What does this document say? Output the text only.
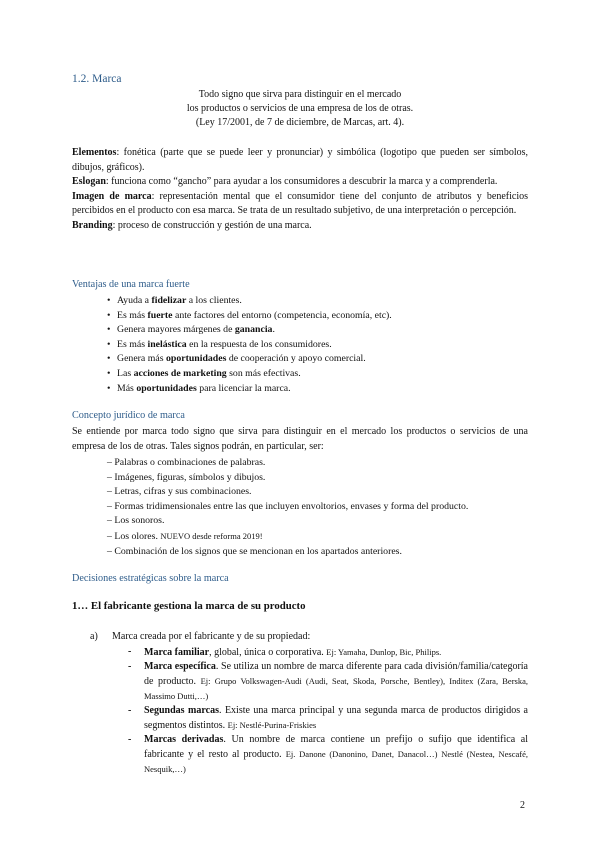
1.2. Marca
Todo signo que sirva para distinguir en el mercado
los productos o servicios de una empresa de los de otras.
(Ley 17/2001, de 7 de diciembre, de Marcas, art. 4).

Elementos: fonética (parte que se puede leer y pronunciar) y simbólica (logotipo que pueden ser símbolos, dibujos, gráficos).

Eslogan: funciona como “gancho” para ayudar a los consumidores a descubrir la marca y a comprenderla.

Imagen de marca: representación mental que el consumidor tiene del conjunto de atributos y beneficios percibidos en el producto con esa marca. Se trata de un resultado subjetivo, de una interpretación o percepción.

Branding: proceso de construcción y gestión de una marca.

Ventajas de una marca fuerte
• Ayuda a fidelizar a los clientes.
• Es más fuerte ante factores del entorno (competencia, economía, etc).
• Genera mayores márgenes de ganancia.
• Es más inelástica en la respuesta de los consumidores.
• Genera más oportunidades de cooperación y apoyo comercial.
• Las acciones de marketing son más efectivas.
• Más oportunidades para licenciar la marca.
Concepto jurídico de marca

Se entiende por marca todo signo que sirva para distinguir en el mercado los productos o servicios de una empresa de los de otras. Tales signos podrán, en particular, ser:

– Palabras o combinaciones de palabras.
– Imágenes, figuras, símbolos y dibujos.
– Letras, cifras y sus combinaciones.
– Formas tridimensionales entre las que incluyen envoltorios, envases y forma del producto.
– Los sonoros.
– Los olores. NUEVO desde reforma 2019!
– Combinación de los signos que se mencionan en los apartados anteriores.
Decisiones estratégicas sobre la marca
1… El fabricante gestiona la marca de su producto
a) Marca creada por el fabricante y de su propiedad:
- Marca familiar, global, única o corporativa. Ej: Yamaha, Dunlop, Bic, Philips.
- Marca específica. Se utiliza un nombre de marca diferente para cada división/familia/categoría de producto. Ej: Grupo Volkswagen-Audi (Audi, Seat, Skoda, Porsche, Bentley), Inditex (Zara, Berska, Massimo Dutti,…)
- Segundas marcas. Existe una marca principal y una segunda marca de productos dirigidos a segmentos distintos. Ej: Nestlé-Purina-Friskies
- Marcas derivadas. Un nombre de marca contiene un prefijo o sufijo que identifica al fabricante y el resto al producto. Ej. Danone (Danonino, Danet, Danacol…) Nestlé (Nestea, Nescafé, Nesquik,…)
2
